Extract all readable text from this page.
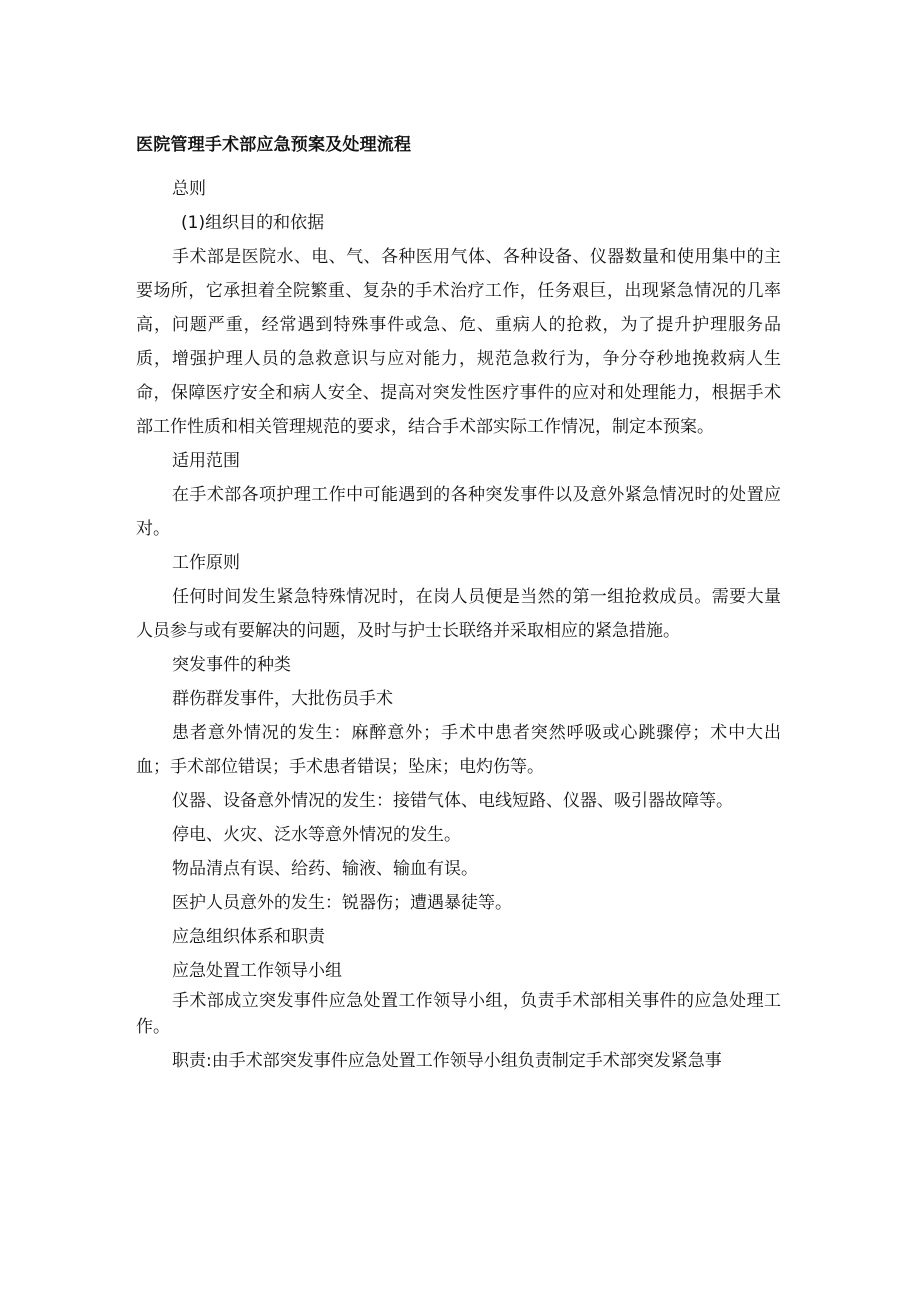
医院管理手术部应急预案及处理流程

总则

(1)组织目的和依据

手术部是医院水、电、气、各种医用气体、各种设备、仪器数量和使用集中的主要场所，它承担着全院繁重、复杂的手术治疗工作，任务艰巨，出现紧急情况的几率高，问题严重，经常遇到特殊事件或急、危、重病人的抢救，为了提升护理服务品质，增强护理人员的急救意识与应对能力，规范急救行为，争分夺秒地挽救病人生命，保障医疗安全和病人安全、提高对突发性医疗事件的应对和处理能力，根据手术部工作性质和相关管理规范的要求，结合手术部实际工作情况，制定本预案。

适用范围

在手术部各项护理工作中可能遇到的各种突发事件以及意外紧急情况时的处置应对。

工作原则

任何时间发生紧急特殊情况时，在岗人员便是当然的第一组抢救成员。需要大量人员参与或有要解决的问题，及时与护士长联络并采取相应的紧急措施。

突发事件的种类

群伤群发事件，大批伤员手术

患者意外情况的发生：麻醉意外；手术中患者突然呼吸或心跳骤停；术中大出血；手术部位错误；手术患者错误；坠床；电灼伤等。

仪器、设备意外情况的发生：接错气体、电线短路、仪器、吸引器故障等。

停电、火灾、泛水等意外情况的发生。

物品清点有误、给药、输液、输血有误。

医护人员意外的发生：锐器伤；遭遇暴徒等。

应急组织体系和职责

应急处置工作领导小组

手术部成立突发事件应急处置工作领导小组，负责手术部相关事件的应急处理工作。

职责:由手术部突发事件应急处置工作领导小组负责制定手术部突发紧急事
